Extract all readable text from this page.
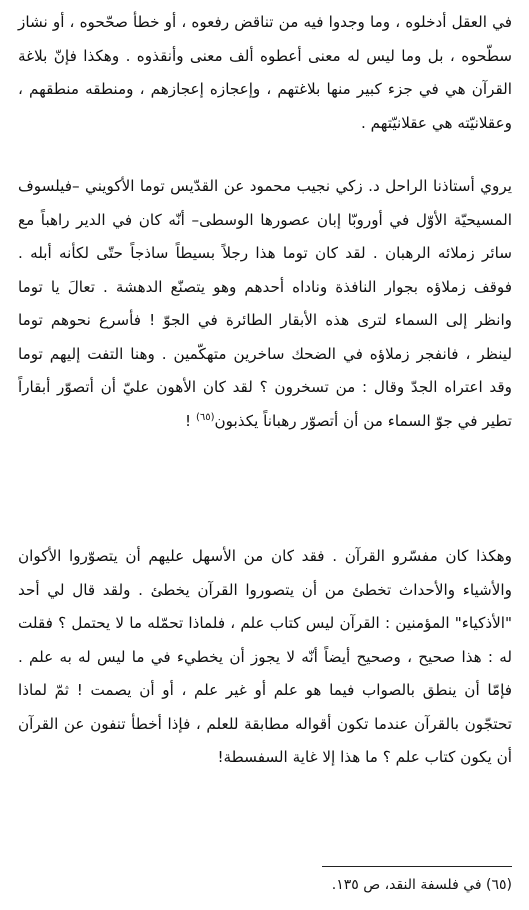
في العقل أدخلوه ، وما وجدوا فيه من تناقض رفعوه ، أو خطأ صحّحوه ، أو نشاز سطّحوه ، بل وما ليس له معنى أعطوه ألف معنى وأنقذوه . وهكذا فإنّ بلاغة القرآن هي في جزء كبير منها بلاغتهم ، وإعجازه إعجازهم ، ومنطقه منطقهم ، وعقلانيّته هي عقلانيّتهم .

يروي أستاذنا الراحل د. زكي نجيب محمود عن القدّيس توما الأكويني –فيلسوف المسيحيّة الأوّل في أوروبّا إبان عصورها الوسطى– أنّه كان في الدير راهباً مع سائر زملائه الرهبان . لقد كان توما هذا رجلاً بسيطاً ساذجاً حتّى لكأنه أبله . فوقف زملاؤه بجوار النافذة وناداه أحدهم وهو يتصنّع الدهشة . تعالَ يا توما وانظر إلى السماء لترى هذه الأبقار الطائرة في الجوّ ! فأسرع نحوهم توما لينظر ، فانفجر زملاؤه في الضحك ساخرين متهكّمين . وهنا التفت إليهم توما وقد اعتراه الجدّ وقال : من تسخرون ؟ لقد كان الأهون عليّ أن أتصوّر أبقاراً تطير في جوّ السماء من أن أتصوّر رهباناً يكذبون$^{(٦٥)}$ !

وهكذا كان مفسّرو القرآن . فقد كان من الأسهل عليهم أن يتصوّروا الأكوان والأشياء والأحداث تخطئ من أن يتصوروا القرآن يخطئ . ولقد قال لي أحد "الأذكياء" المؤمنين : القرآن ليس كتاب علم ، فلماذا تحمّله ما لا يحتمل ؟ فقلت له : هذا صحيح ، وصحيح أيضاً أنّه لا يجوز أن يخطيء في ما ليس له به علم . فإمّا أن ينطق بالصواب فيما هو علم أو غير علم ، أو أن يصمت ! ثمّ لماذا تحتجّون بالقرآن عندما تكون أقواله مطابقة للعلم ، فإذا أخطأ تنفون عن القرآن أن يكون كتاب علم ؟ ما هذا إلا غاية السفسطة!

(٦٥) في فلسفة النقد، ص ١٣٥.
